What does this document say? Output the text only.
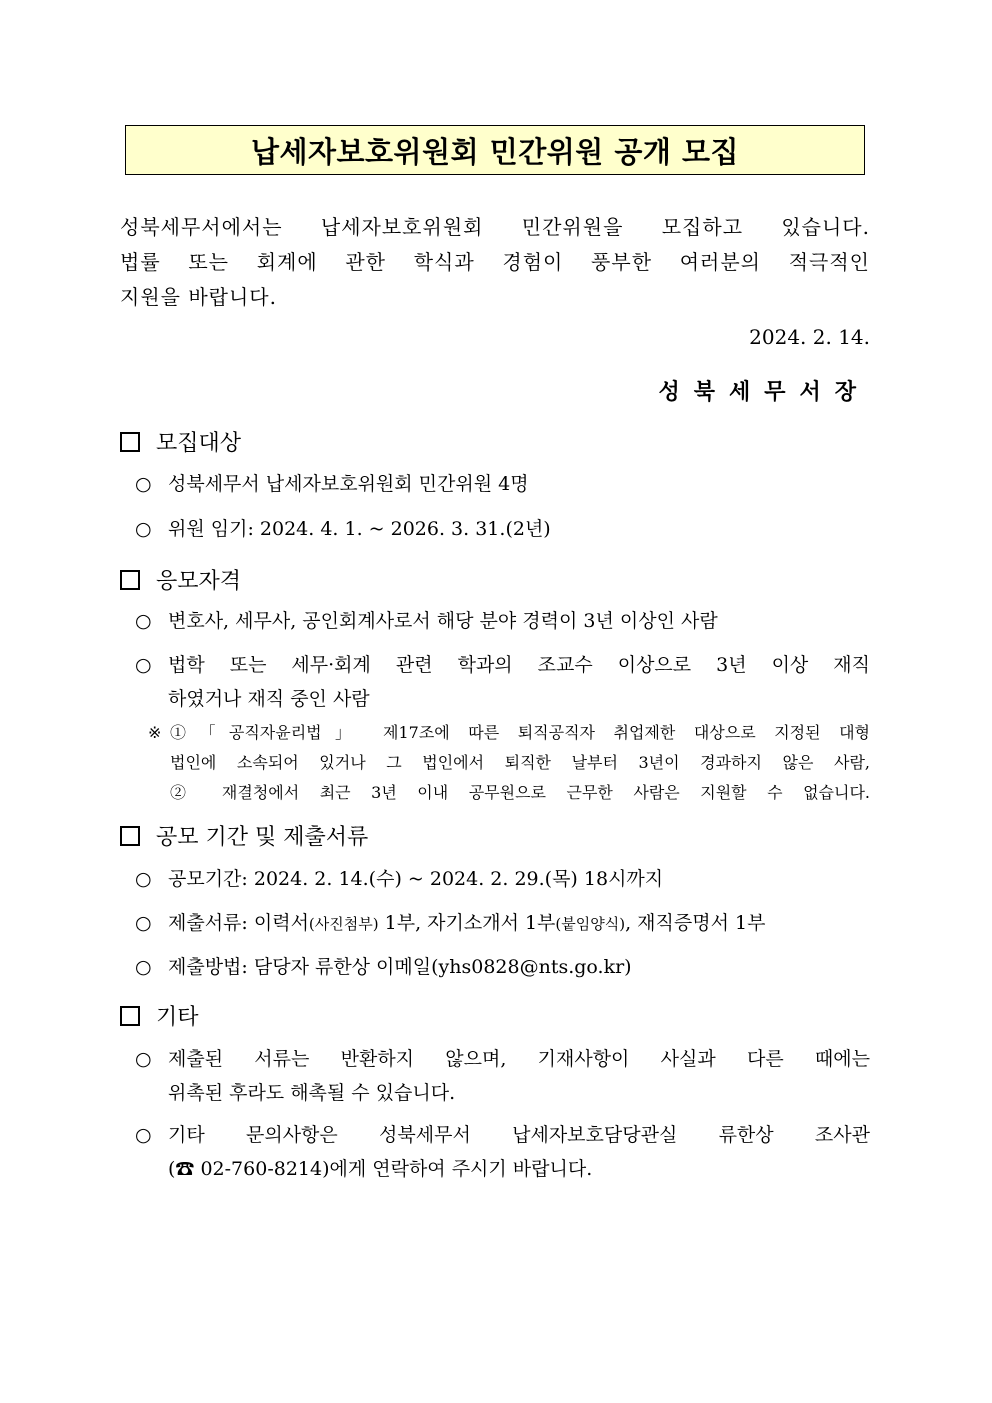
납세자보호위원회 민간위원 공개 모집
성북세무서에서는 납세자보호위원회 민간위원을 모집하고 있습니다.
법률 또는 회계에 관한 학식과 경험이 풍부한 여러분의 적극적인
지원을 바랍니다.
2024. 2. 14.
성북세무서장
모집대상
○ 성북세무서 납세자보호위원회 민간위원 4명
○ 위원 임기: 2024. 4. 1. ~ 2026. 3. 31.(2년)
응모자격
○ 변호사, 세무사, 공인회계사로서 해당 분야 경력이 3년 이상인 사람
○ 법학 또는 세무·회계 관련 학과의 조교수 이상으로 3년 이상 재직
하였거나 재직 중인 사람
※ ①「공직자윤리법」 제17조에 따른 퇴직공직자 취업제한 대상으로 지정된 대형
법인에 소속되어 있거나 그 법인에서 퇴직한 날부터 3년이 경과하지 않은 사람,
② 재결청에서 최근 3년 이내 공무원으로 근무한 사람은 지원할 수 없습니다.
공모 기간 및 제출서류
○ 공모기간: 2024. 2. 14.(수) ~ 2024. 2. 29.(목) 18시까지
○ 제출서류: 이력서(사진첨부) 1부, 자기소개서 1부(붙임양식), 재직증명서 1부
○ 제출방법: 담당자 류한상 이메일(yhs0828@nts.go.kr)
기타
○ 제출된 서류는 반환하지 않으며, 기재사항이 사실과 다른 때에는
위촉된 후라도 해촉될 수 있습니다.
○ 기타 문의사항은 성북세무서 납세자보호담당관실 류한상 조사관
(☎ 02-760-8214)에게 연락하여 주시기 바랍니다.
